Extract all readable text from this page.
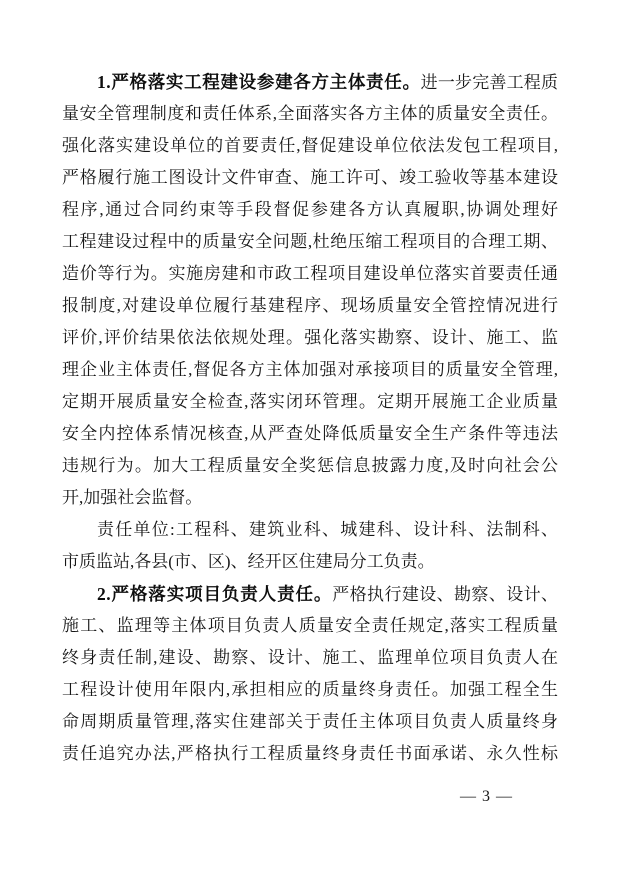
1.严格落实工程建设参建各方主体责任。进一步完善工程质
量安全管理制度和责任体系,全面落实各方主体的质量安全责任。
强化落实建设单位的首要责任,督促建设单位依法发包工程项目,
严格履行施工图设计文件审查、施工许可、竣工验收等基本建设
程序,通过合同约束等手段督促参建各方认真履职,协调处理好
工程建设过程中的质量安全问题,杜绝压缩工程项目的合理工期、
造价等行为。实施房建和市政工程项目建设单位落实首要责任通
报制度,对建设单位履行基建程序、现场质量安全管控情况进行
评价,评价结果依法依规处理。强化落实勘察、设计、施工、监
理企业主体责任,督促各方主体加强对承接项目的质量安全管理,
定期开展质量安全检查,落实闭环管理。定期开展施工企业质量
安全内控体系情况核查,从严查处降低质量安全生产条件等违法
违规行为。加大工程质量安全奖惩信息披露力度,及时向社会公
开,加强社会监督。
责任单位:工程科、建筑业科、城建科、设计科、法制科、
市质监站,各县(市、区)、经开区住建局分工负责。
2.严格落实项目负责人责任。严格执行建设、勘察、设计、
施工、监理等主体项目负责人质量安全责任规定,落实工程质量
终身责任制,建设、勘察、设计、施工、监理单位项目负责人在
工程设计使用年限内,承担相应的质量终身责任。加强工程全生
命周期质量管理,落实住建部关于责任主体项目负责人质量终身
责任追究办法,严格执行工程质量终身责任书面承诺、永久性标
— 3 —
